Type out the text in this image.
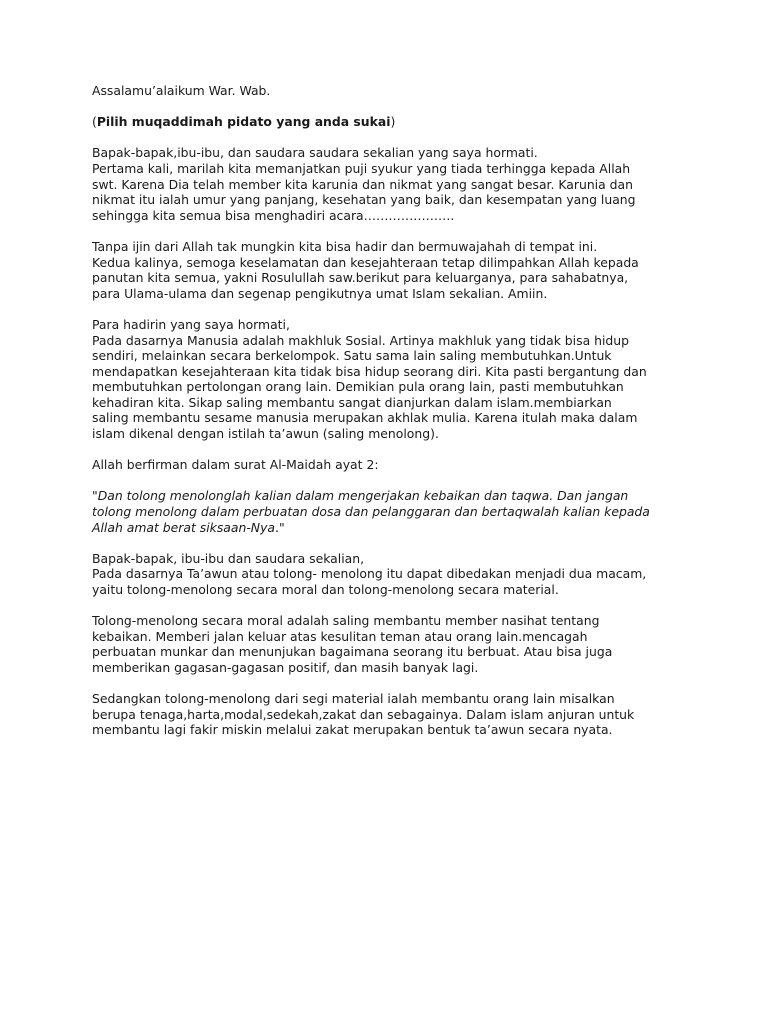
Assalamu’alaikum War. Wab.

(Pilih muqaddimah pidato yang anda sukai)

Bapak-bapak,ibu-ibu, dan saudara saudara sekalian yang saya hormati.
Pertama kali, marilah kita memanjatkan puji syukur yang tiada terhingga kepada Allah
swt. Karena Dia telah member kita karunia dan nikmat yang sangat besar. Karunia dan
nikmat itu ialah umur yang panjang, kesehatan yang baik, dan kesempatan yang luang
sehingga kita semua bisa menghadiri acara………………….

Tanpa ijin dari Allah tak mungkin kita bisa hadir dan bermuwajahah di tempat ini.
Kedua kalinya, semoga keselamatan dan kesejahteraan tetap dilimpahkan Allah kepada
panutan kita semua, yakni Rosulullah saw.berikut para keluarganya, para sahabatnya,
para Ulama-ulama dan segenap pengikutnya umat Islam sekalian. Amiin.

Para hadirin yang saya hormati,
Pada dasarnya Manusia adalah makhluk Sosial. Artinya makhluk yang tidak bisa hidup
sendiri, melainkan secara berkelompok. Satu sama lain saling membutuhkan.Untuk
mendapatkan kesejahteraan kita tidak bisa hidup seorang diri. Kita pasti bergantung dan
membutuhkan pertolongan orang lain. Demikian pula orang lain, pasti membutuhkan
kehadiran kita. Sikap saling membantu sangat dianjurkan dalam islam.membiarkan
saling membantu sesame manusia merupakan akhlak mulia. Karena itulah maka dalam
islam dikenal dengan istilah ta’awun (saling menolong).

Allah berfirman dalam surat Al-Maidah ayat 2:

"Dan tolong menolonglah kalian dalam mengerjakan kebaikan dan taqwa. Dan jangan
tolong menolong dalam perbuatan dosa dan pelanggaran dan bertaqwalah kalian kepada
Allah amat berat siksaan-Nya."

Bapak-bapak, ibu-ibu dan saudara sekalian,
Pada dasarnya Ta’awun atau tolong- menolong itu dapat dibedakan menjadi dua macam,
yaitu tolong-menolong secara moral dan tolong-menolong secara material.

Tolong-menolong secara moral adalah saling membantu member nasihat tentang
kebaikan. Memberi jalan keluar atas kesulitan teman atau orang lain.mencagah
perbuatan munkar dan menunjukan bagaimana seorang itu berbuat. Atau bisa juga
memberikan gagasan-gagasan positif, dan masih banyak lagi.

Sedangkan tolong-menolong dari segi material ialah membantu orang lain misalkan
berupa tenaga,harta,modal,sedekah,zakat dan sebagainya. Dalam islam anjuran untuk
membantu lagi fakir miskin melalui zakat merupakan bentuk ta’awun secara nyata.
